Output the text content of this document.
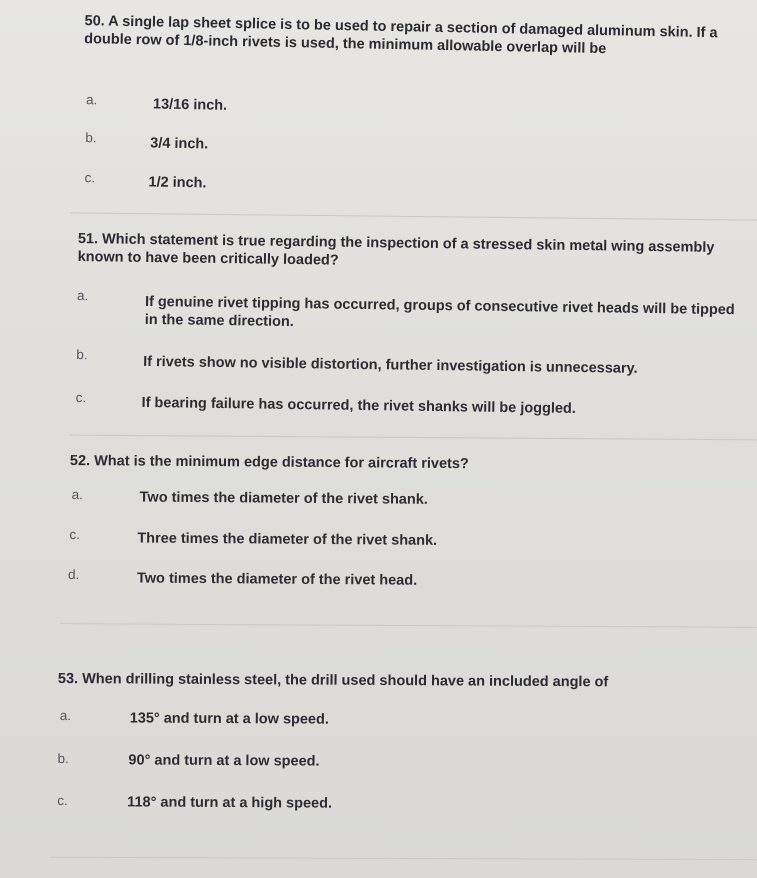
50. A single lap sheet splice is to be used to repair a section of damaged aluminum skin. If a double row of 1/8-inch rivets is used, the minimum allowable overlap will be
a.	13/16 inch.
b.	3/4 inch.
c.	1/2 inch.
51. Which statement is true regarding the inspection of a stressed skin metal wing assembly known to have been critically loaded?
a.	If genuine rivet tipping has occurred, groups of consecutive rivet heads will be tipped in the same direction.
b.	If rivets show no visible distortion, further investigation is unnecessary.
c.	If bearing failure has occurred, the rivet shanks will be joggled.
52. What is the minimum edge distance for aircraft rivets?
a.	Two times the diameter of the rivet shank.
c.	Three times the diameter of the rivet shank.
d.	Two times the diameter of the rivet head.
53. When drilling stainless steel, the drill used should have an included angle of
a.	135° and turn at a low speed.
b.	90° and turn at a low speed.
c.	118° and turn at a high speed.
